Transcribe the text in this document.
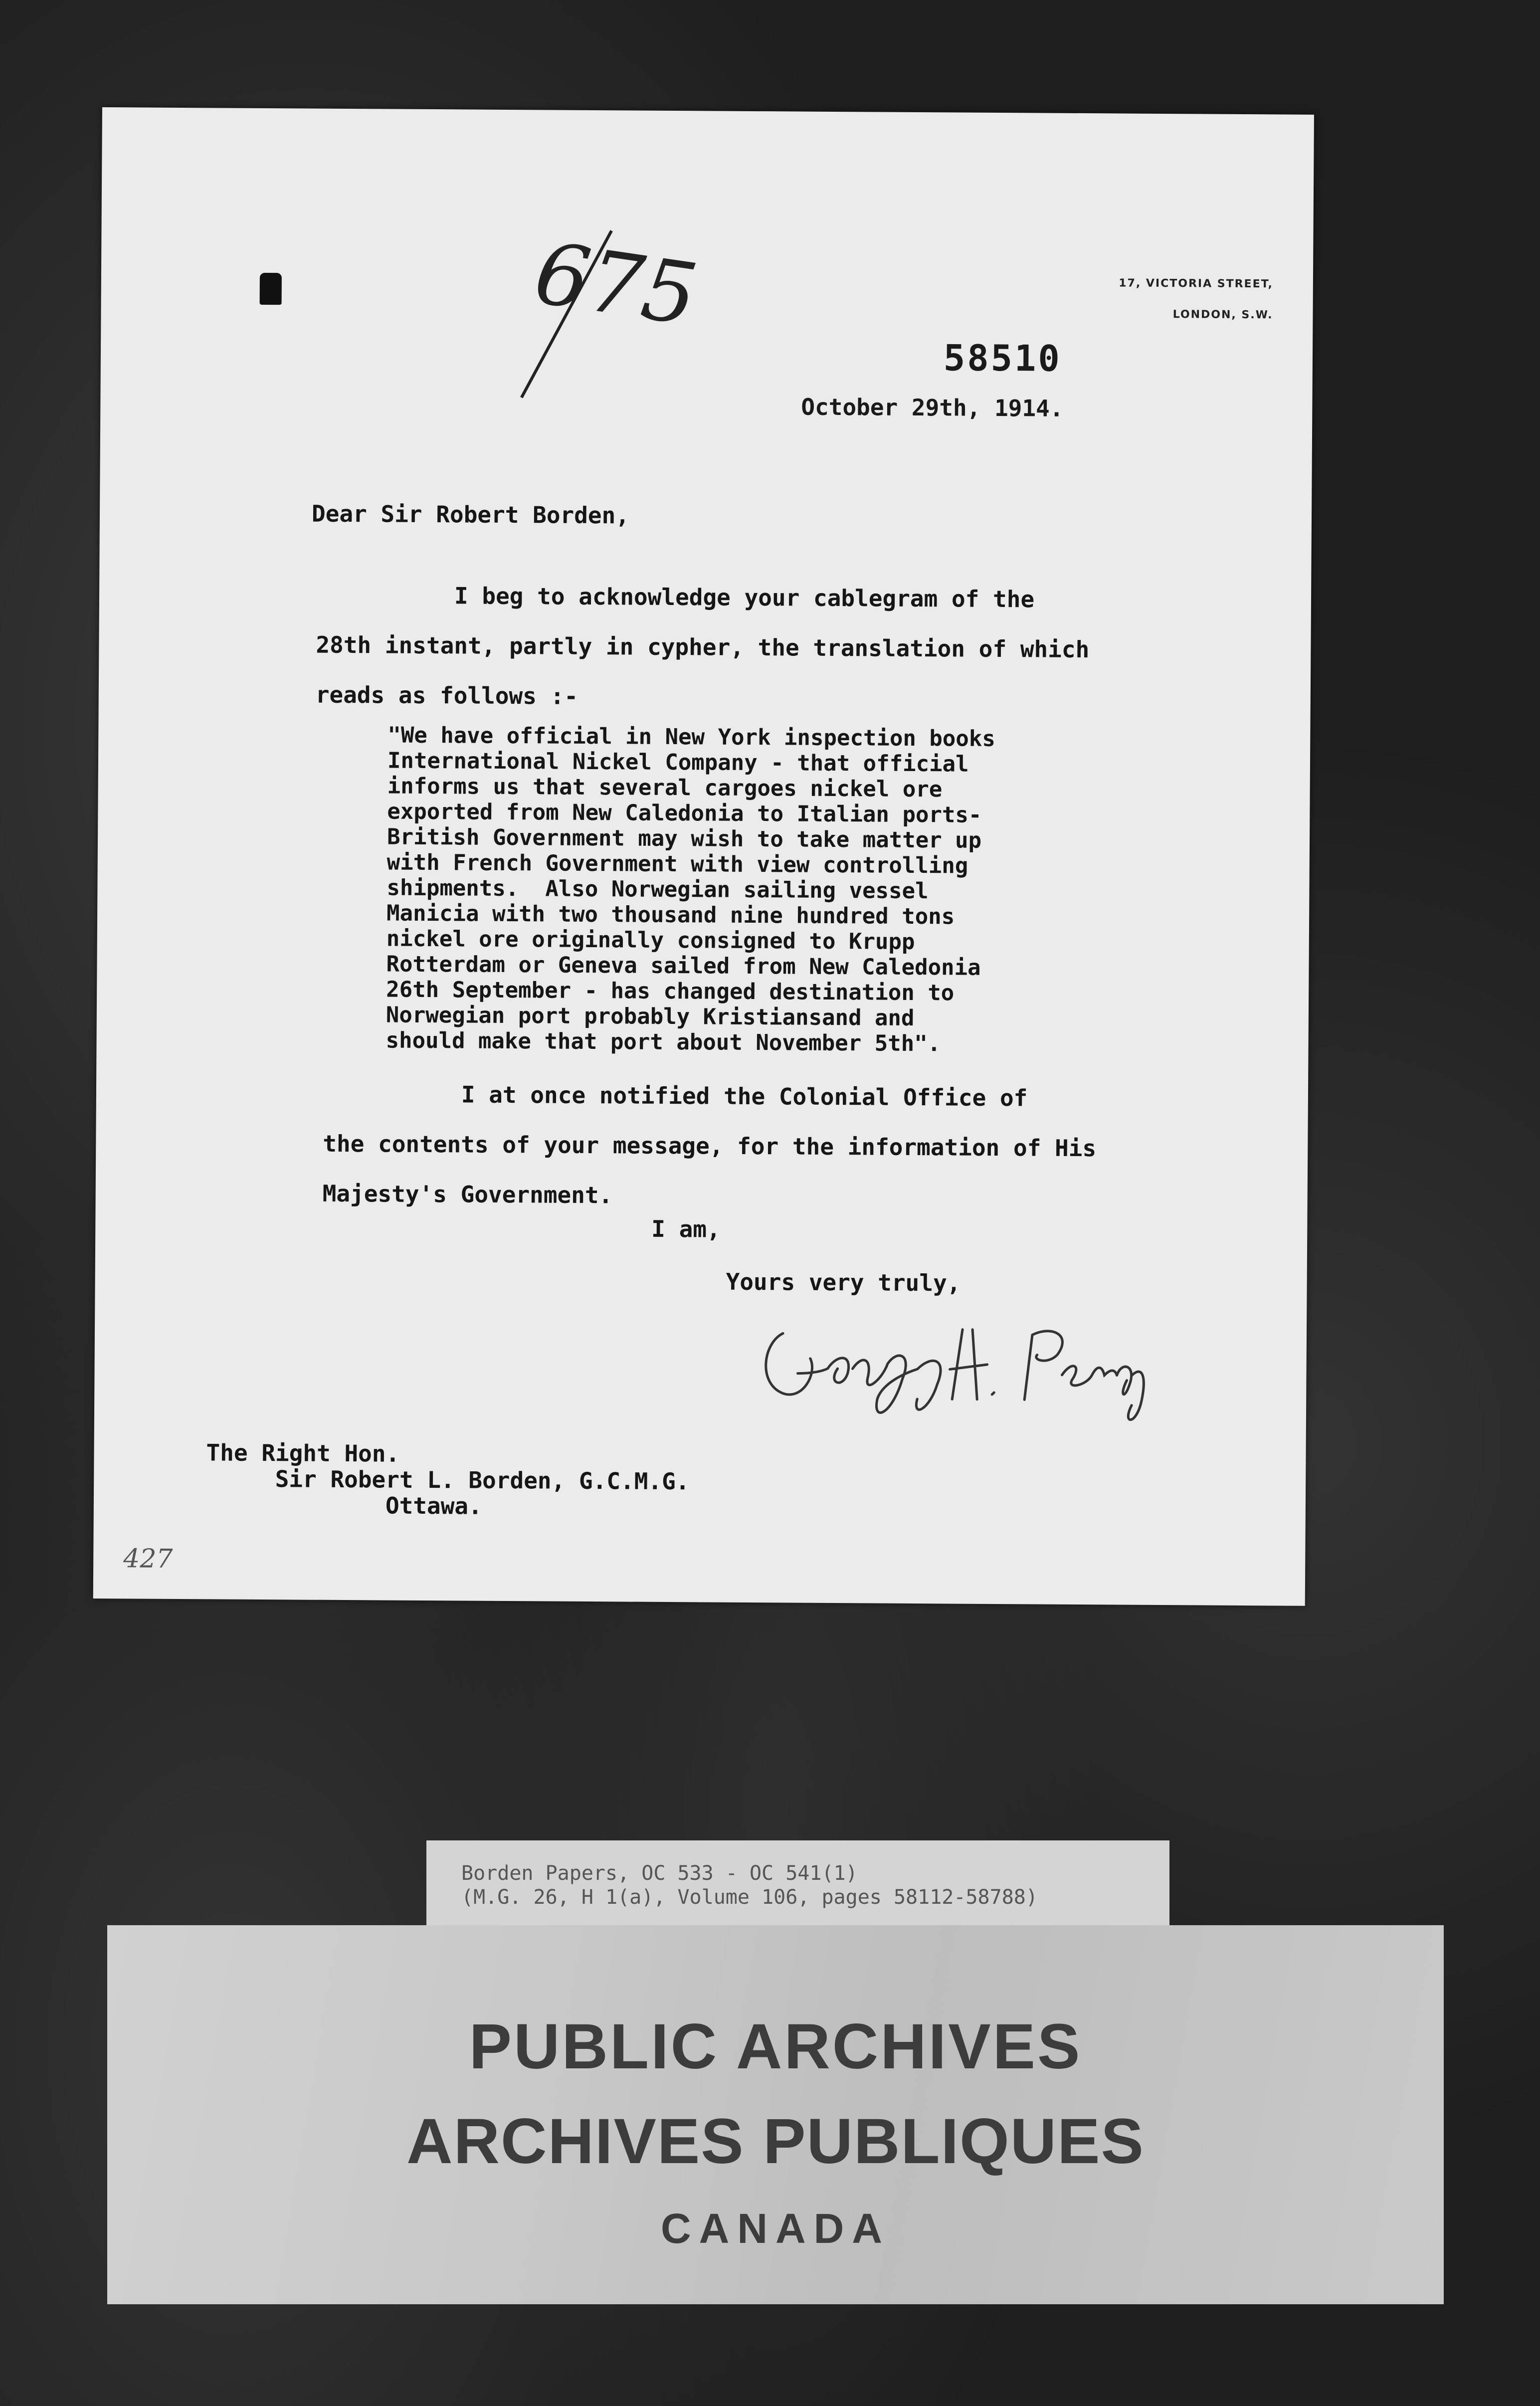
675	17, VICTORIA STREET,
LONDON, S.W.
58510
October 29th, 1914.
Dear Sir Robert Borden,
I beg to acknowledge your cablegram of the
28th instant, partly in cypher, the translation of which
reads as follows :-
"We have official in New York inspection books
International Nickel Company - that official
informs us that several cargoes nickel ore
exported from New Caledonia to Italian ports-
British Government may wish to take matter up
with French Government with view controlling
shipments.  Also Norwegian sailing vessel
Manicia with two thousand nine hundred tons
nickel ore originally consigned to Krupp
Rotterdam or Geneva sailed from New Caledonia
26th September - has changed destination to
Norwegian port probably Kristiansand and
should make that port about November 5th".
I at once notified the Colonial Office of
the contents of your message, for the information of His
Majesty's Government.
I am,
Yours very truly,
George H. Perley
The Right Hon.
Sir Robert L. Borden, G.C.M.G.
Ottawa.
427
Borden Papers, OC 533 - OC 541(1)
(M.G. 26, H 1(a), Volume 106, pages 58112-58788)
PUBLIC ARCHIVES
ARCHIVES PUBLIQUES
CANADA
